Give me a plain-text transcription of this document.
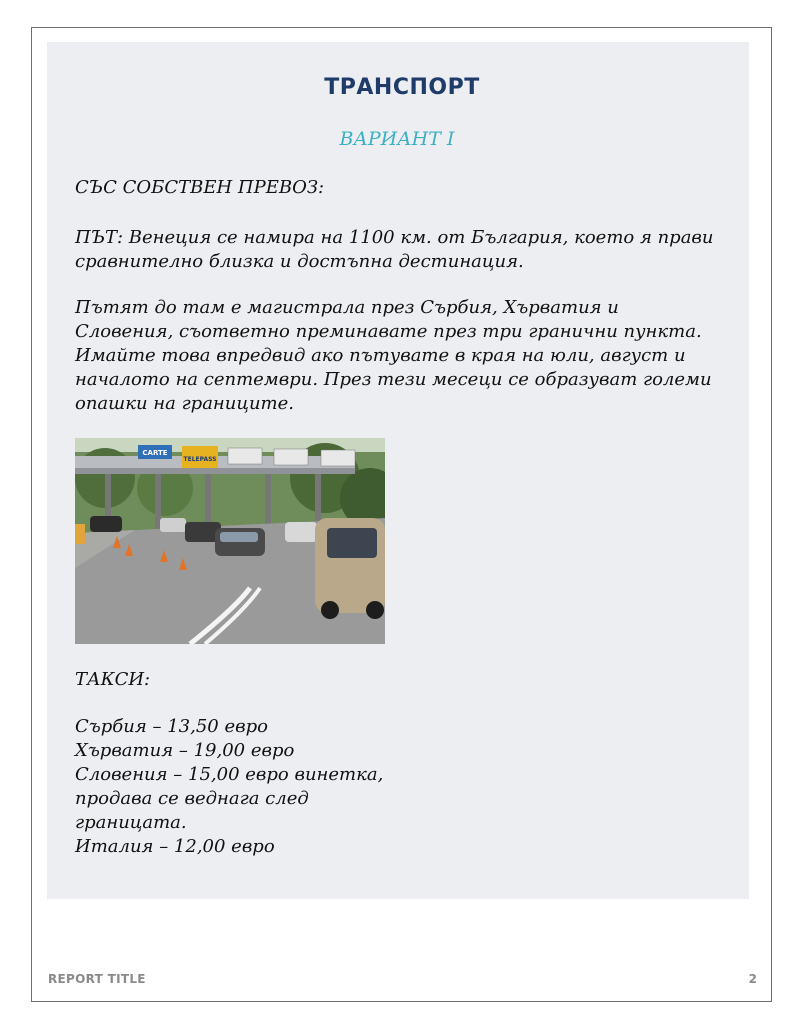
ТРАНСПОРТ
ВАРИАНТ I

СЪС СОБСТВЕН ПРЕВОЗ:

ПЪТ: Венеция се намира на 1100 км. от България, което я прави сравнително близка и достъпна дестинация.

Пътят до там е магистрала през Сърбия, Хърватия и Словения, съответно преминавате през три гранични пункта. Имайте това впредвид ако пътувате в края на юли, август и началото на септември. През тези месеци се образуват големи опашки на границите.

CARTE
TELEPASS

ТАКСИ:

Сърбия – 13,50 евро
Хърватия – 19,00 евро
Словения – 15,00 евро винетка,
продава се веднага след
границата.
Италия – 12,00 евро
REPORT TITLE	2
